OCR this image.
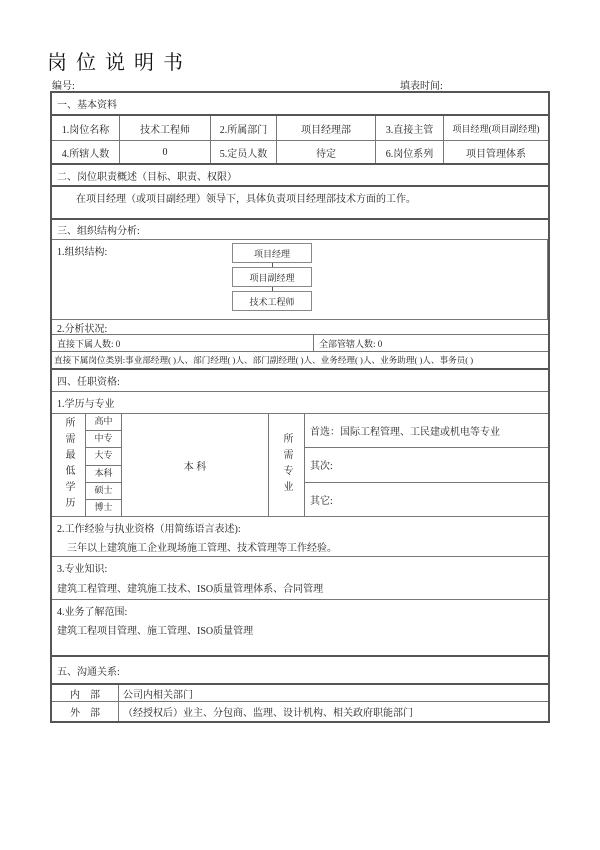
岗位说明书
编号:	填表时间:
一、基本资料
1.岗位名称	技术工程师	2.所属部门	项目经理部	3.直接主管	项目经理(项目副经理)
4.所辖人数	0	5.定员人数	待定	6.岗位系列	项目管理体系
二、岗位职责概述（目标、职责、权限）
在项目经理（或项目副经理）领导下，具体负责项目经理部技术方面的工作。
三、组织结构分析:
1.组织结构:	项目经理
项目副经理
技术工程师
2.分析状况:
直接下属人数: 0	全部管辖人数: 0
直接下属岗位类别:事业部经理( )人、部门经理( )人、部门副经理( )人、业务经理( )人、业务助理( )人、事务员( )
四、任职资格:
1.学历与专业
所需最低学历	高中
中专
大专
本科
硕士
博士
本 科	所需专业
首选：国际工程管理、工民建或机电等专业
其次:
其它:
2.工作经验与执业资格（用简练语言表述):
三年以上建筑施工企业现场施工管理、技术管理等工作经验。
3.专业知识:
建筑工程管理、建筑施工技术、ISO质量管理体系、合同管理
4.业务了解范围:
建筑工程项目管理、施工管理、ISO质量管理
五、沟通关系:
内　部	公司内相关部门
外　部	（经授权后）业主、分包商、监理、设计机构、相关政府职能部门
